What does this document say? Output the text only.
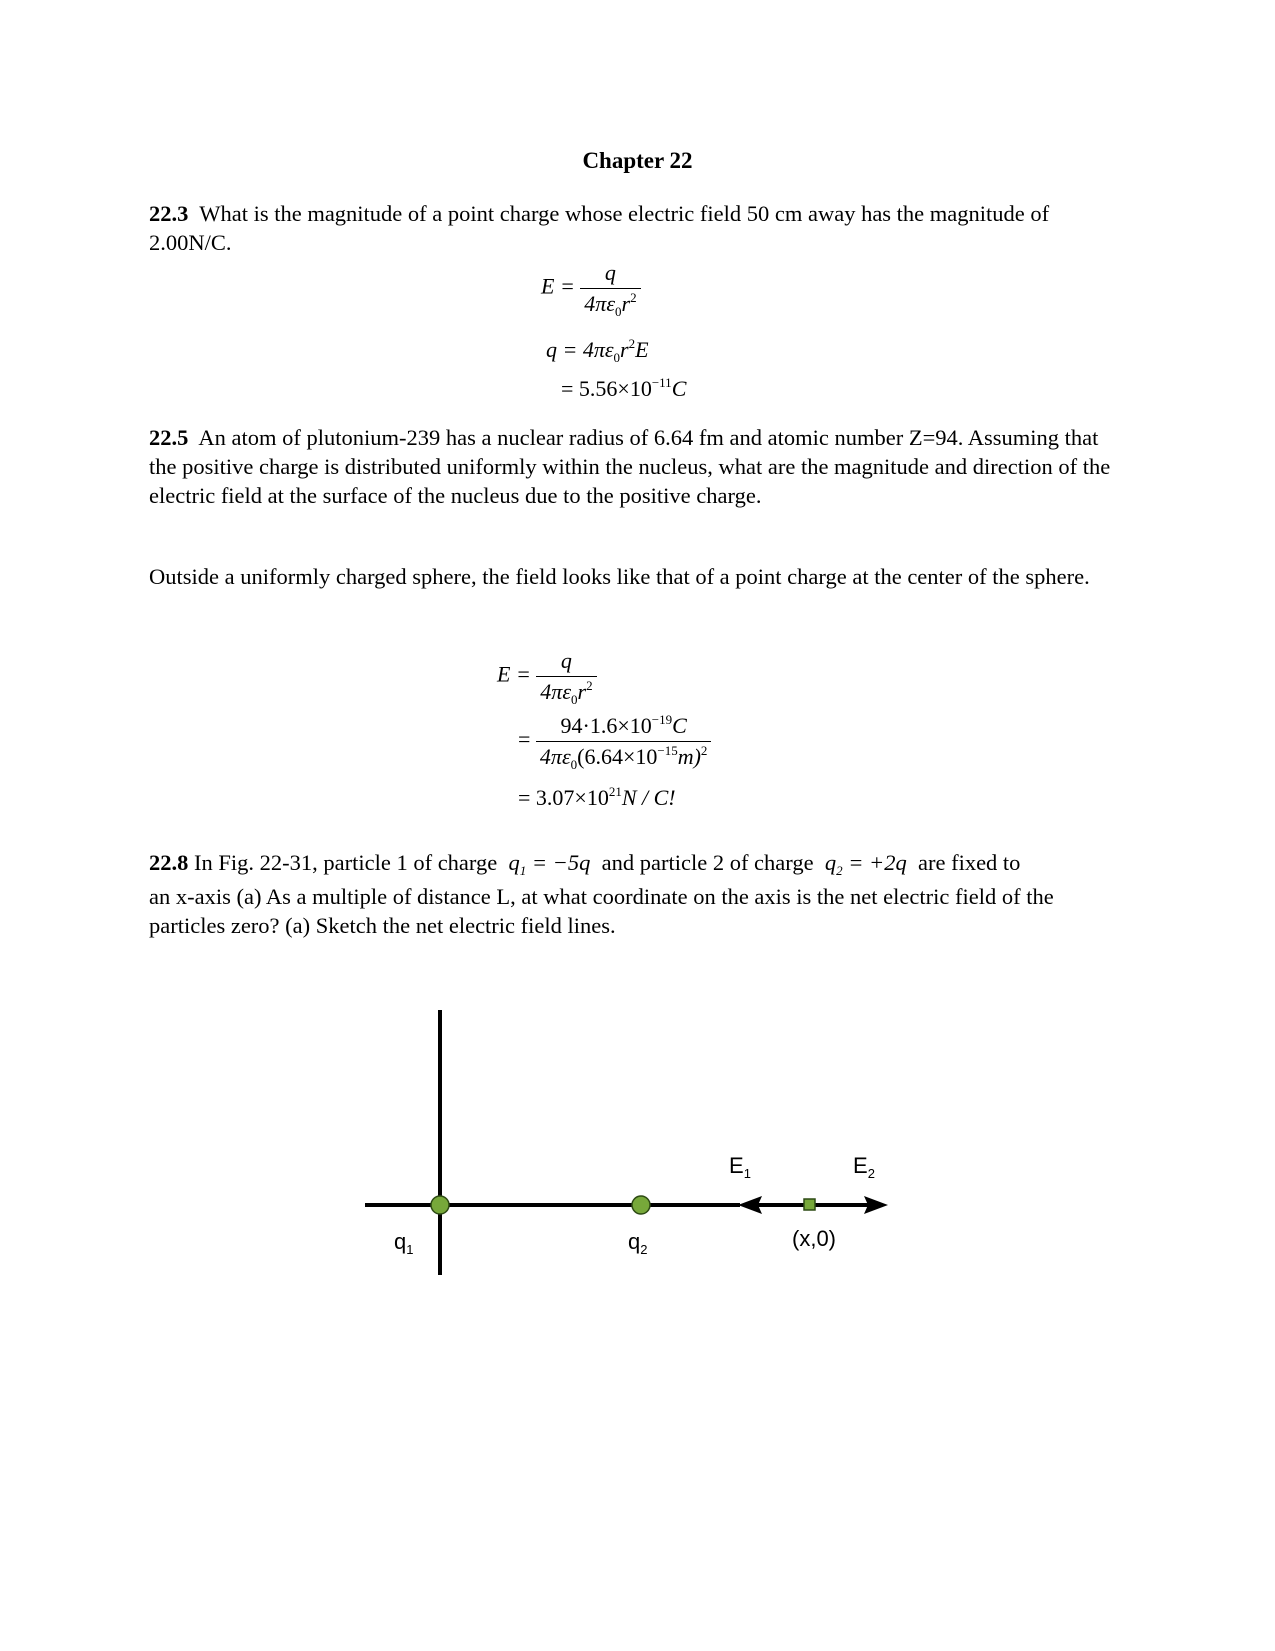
Chapter 22

22.3 What is the magnitude of a point charge whose electric field 50 cm away has the magnitude of 2.00N/C.

$E = \frac{q}{4\pi\varepsilon_0r^2}$
$q = 4\pi\varepsilon_0r^2E$
= $5.56\times 10^{-11}C$

22.5 An atom of plutonium-239 has a nuclear radius of 6.64 fm and atomic number Z=94. Assuming that the positive charge is distributed uniformly within the nucleus, what are the magnitude and direction of the electric field at the surface of the nucleus due to the positive charge.

Outside a uniformly charged sphere, the field looks like that of a point charge at the center of the sphere.

$E = \frac{q}{4\pi\varepsilon_0r^2}$
= $\frac{94\cdot 1.6\times 10^{-19}C}{4\pi\varepsilon_0(6.64\times 10^{-15}m)^2}$
= $3.07\times 10^{21}N / C$!

22.8 In Fig. 22-31, particle 1 of charge  $q_1 = -5q$ and particle 2 of charge  $q_2 = +2q$ are fixed to

an x-axis (a) As a multiple of distance L, at what coordinate on the axis is the net electric field of the particles zero? (a) Sketch the net electric field lines.

$q_1$	$q_2$
$E_1$	$E_2$
(x,0)
